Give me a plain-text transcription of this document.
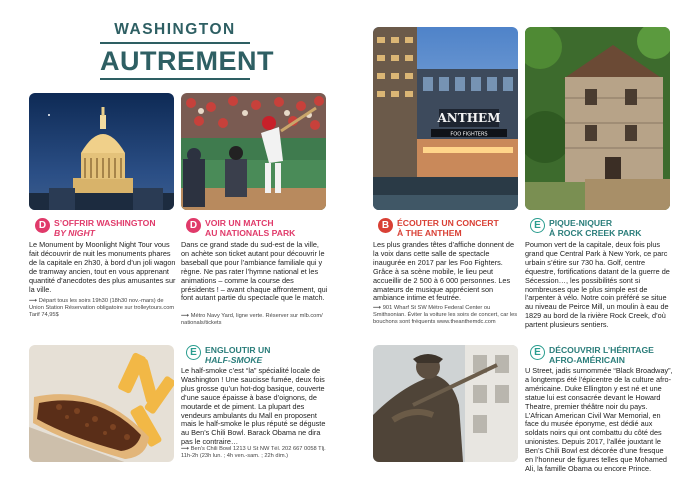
WASHINGTON
AUTREMENT
ANTHEM
FOO FIGHTERS
D S’OFFRIR WASHINGTON
BY NIGHT
Le Monument by Moonlight Night Tour vous fait découvrir de nuit les monuments phares de la capitale en 2h30, à bord d’un joli wagon de tramway ancien, tout en vous apprenant quantité d’anecdotes des plus amusantes sur la ville.
⟶ Départ tous les soirs 19h30 (18h30 nov.-mars) de Union Station Réservation obligatoire sur trolleytours.com Tarif 74,95$
D VOIR UN MATCH
AU NATIONALS PARK
Dans ce grand stade du sud-est de la ville, on achète son ticket autant pour découvrir le baseball que pour l’ambiance familiale qui y règne. Ne pas rater l’hymne national et les animations – comme la course des présidents ! – avant chaque affrontement, qui font autant partie du spectacle que le match.
⟶ Métro Navy Yard, ligne verte. Réserver sur mlb.com/ nationals/tickets
B ÉCOUTER UN CONCERT
À THE ANTHEM
Les plus grandes têtes d’affiche donnent de la voix dans cette salle de spectacle inaugurée en 2017 par les Foo Fighters. Grâce à sa scène mobile, le lieu peut accueillir de 2 500 à 6 000 personnes. Les amateurs de musique apprécient son ambiance intime et feutrée.
⟶ 901 Wharf St SW Métro Federal Center ou Smithsonian. Éviter la voiture les soirs de concert, car les bouchons sont fréquents www.theanthemdc.com
E PIQUE-NIQUER
À ROCK CREEK PARK
Poumon vert de la capitale, deux fois plus grand que Central Park à New York, ce parc urbain s’étire sur 730 ha. Golf, centre équestre, fortifications datant de la guerre de Sécession…, les possibilités sont si nombreuses que le plus simple est de l’arpenter à vélo. Notre coin préféré se situe au niveau de Peirce Mill, un moulin à eau de 1829 au bord de la rivière Rock Creek, d’où partent plusieurs sentiers.
E ENGLOUTIR UN
HALF-SMOKE
Le half-smoke c’est “la” spécialité locale de Washington ! Une saucisse fumée, deux fois plus grosse qu’un hot-dog basique, couverte d’une sauce épaisse à base d’oignons, de moutarde et de piment. La plupart des vendeurs ambulants du Mall en proposent mais le half-smoke le plus réputé se déguste au Ben’s Chili Bowl. Barack Obama ne dira pas le contraire…
⟶ Ben’s Chili Bowl 1213 U St NW Tél. 202 667 0058 Tlj. 11h-2h (23h lun. ; 4h ven.-sam. ; 22h dim.)
E DÉCOUVRIR L’HÉRITAGE
AFRO-AMÉRICAIN
U Street, jadis surnommée “Black Broadway”, a longtemps été l’épicentre de la culture afro-américaine. Duke Ellington y est né et une statue lui est consacrée devant le Howard Theatre, premier théâtre noir du pays. L’African American Civil War Memorial, en face du musée éponyme, est dédié aux soldats noirs qui ont combattu du côté des unionistes. Depuis 2017, l’allée jouxtant le Ben’s Chili Bowl est décorée d’une fresque en l’honneur de figures telles que Mohamed Ali, la famille Obama ou encore Prince.
